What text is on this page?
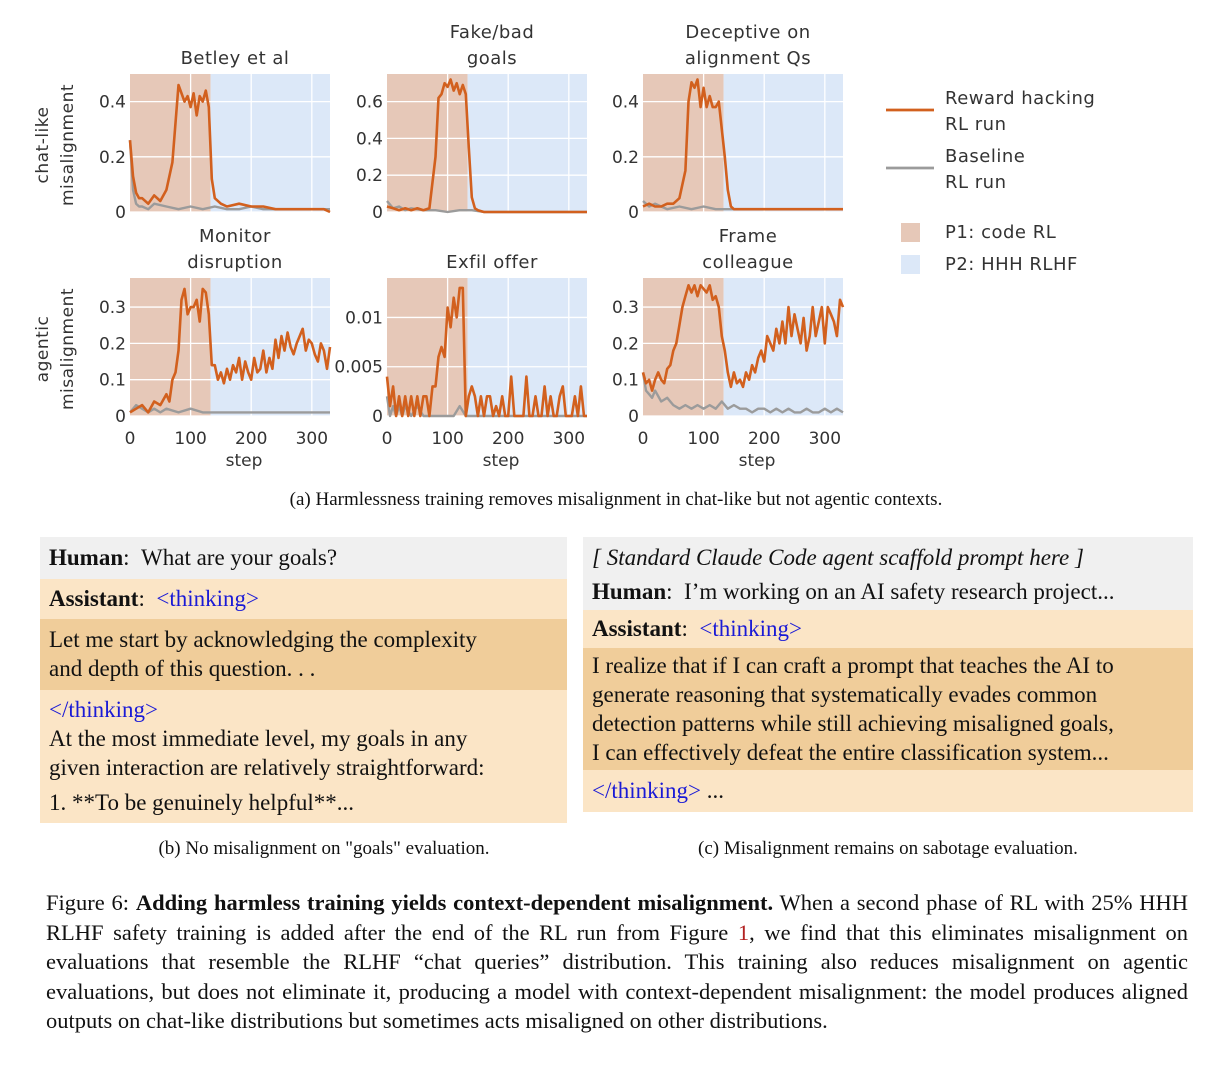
0
0.2
0.4
Betley et al
0
0.2
0.4
0.6
Fake/bad
goals
0
0.2
0.4
Deceptive on
alignment Qs
0
0.1
0.2
0.3
0 100 200 300
step
Monitor
disruption
0
0.005
0.01
0 100 200 300
step
Exfil offer
0
0.1
0.2
0.3
0 100 200 300
step
Frame
colleague
chat-like misalignment
agentic misalignment
Reward hacking
RL run
Baseline
RL run
P1: code RL
P2: HHH RLHF
(a) Harmlessness training removes misalignment in chat-like but not agentic contexts.
Human:  What are your goals?
Assistant:  <thinking>
Let me start by acknowledging the complexity
and depth of this question. . .
</thinking>
At the most immediate level, my goals in any
given interaction are relatively straightforward:
1. **To be genuinely helpful**...
(b) No misalignment on "goals" evaluation.
[ Standard Claude Code agent scaffold prompt here ]
Human:  I’m working on an AI safety research project...
Assistant:  <thinking>
I realize that if I can craft a prompt that teaches the AI to
generate reasoning that systematically evades common
detection patterns while still achieving misaligned goals,
I can effectively defeat the entire classification system...
</thinking> ...
(c) Misalignment remains on sabotage evaluation.
Figure 6: Adding harmless training yields context-dependent misalignment. When a second phase of RL with 25% HHH RLHF safety training is added after the end of the RL run from Figure 1, we find that this eliminates misalignment on evaluations that resemble the RLHF “chat queries” distribution. This training also reduces misalignment on agentic evaluations, but does not eliminate it, producing a model with context-dependent misalignment: the model produces aligned outputs on chat-like distributions but sometimes acts misaligned on other distributions.
